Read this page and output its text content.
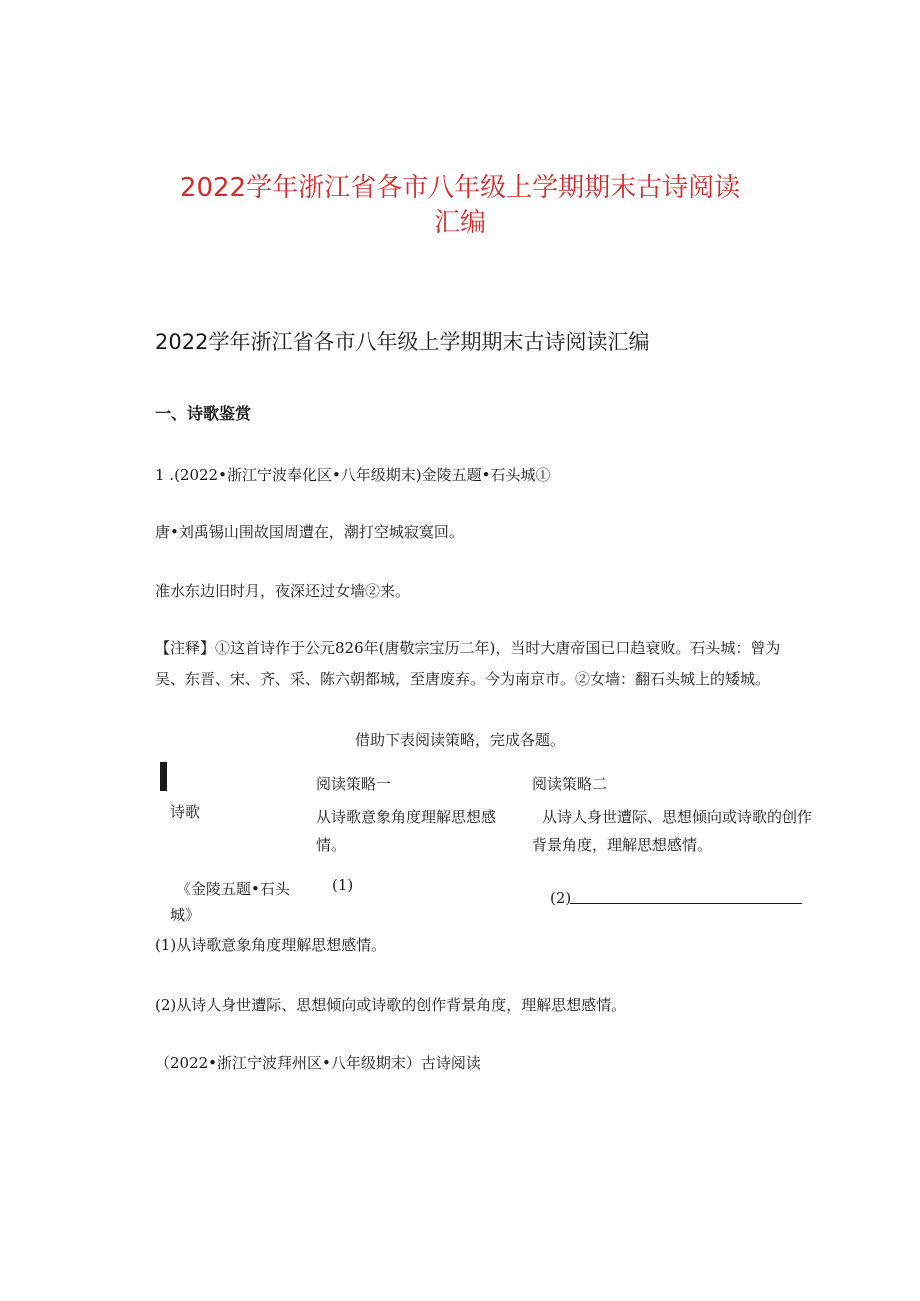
2022学年浙江省各市八年级上学期期末古诗阅读
汇编
2022学年浙江省各市八年级上学期期末古诗阅读汇编
一、诗歌鉴赏
1 .(2022•浙江宁波奉化区•八年级期末)金陵五题•石头城①
唐•刘禹锡山围故国周遭在，潮打空城寂寞回。
准水东边旧时月，夜深还过女墙②来。
【注释】①这首诗作于公元826年(唐敬宗宝历二年)，当时大唐帝国已口趋衰败。石头城：曾为
吴、东晋、宋、齐、采、陈六朝都城，至唐废弃。今为南京市。②女墙：翻石头城上的矮城。
借助下表阅读策略，完成各题。
诗歌
阅读策略一	阅读策略二
从诗歌意象角度理解思想感
情。
从诗人身世遭际、思想倾向或诗歌的创作
背景角度，理解思想感情。
《金陵五题•石头
城》
(1)
(2)
(1)从诗歌意象角度理解思想感情。
(2)从诗人身世遭际、思想倾向或诗歌的创作背景角度，理解思想感情。
（2022•浙江宁波拜州区•八年级期末）古诗阅读
